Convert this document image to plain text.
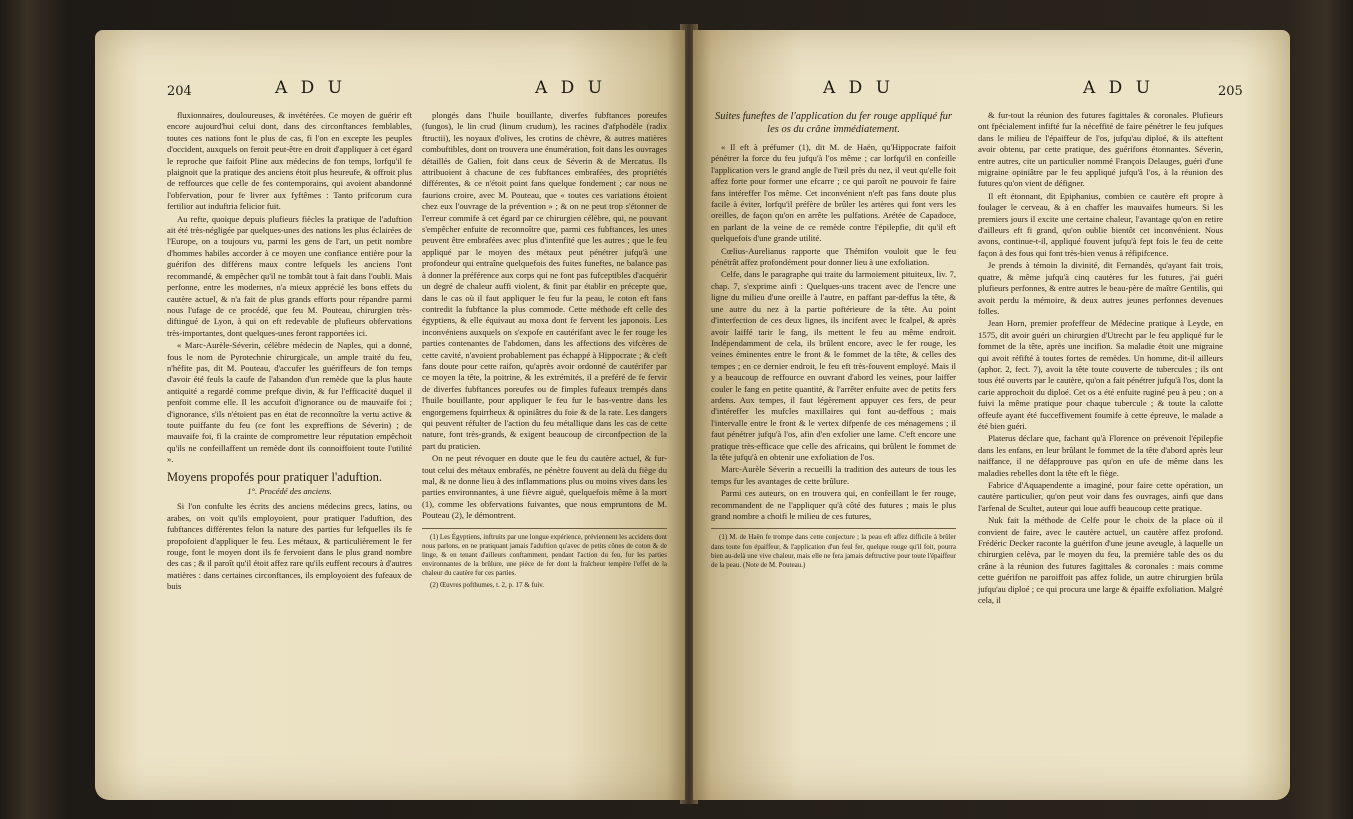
204	A D U	A D U

fluxionnaires, douloureuses, & invétérées. Ce moyen de guérir eft encore aujourd'hui celui dont, dans des circonftances femblables, toutes ces nations font le plus de cas, fi l'on en excepte les peuples d'occident, auxquels on feroit peut-être en droit d'appliquer à cet égard le reproche que faifoit Pline aux médecins de fon temps, lorfqu'il fe plaignoit que la pratique des anciens étoit plus heureufe, & offroit plus de reffources que celle de fes contemporains, qui avoient abandonné l'obfervation, pour fe livrer aux fyftêmes : Tanto prifcorum cura fertilior aut induftria felicior fuit.

Au refte, quoique depuis plufieurs fiècles la pratique de l'aduftion ait été très-négligée par quelques-unes des nations les plus éclairées de l'Europe, on a toujours vu, parmi les gens de l'art, un petit nombre d'hommes habiles accorder à ce moyen une confiance entière pour la guérifon des différens maux contre lefquels les anciens l'ont recommandé, & empêcher qu'il ne tombât tout à fait dans l'oubli. Mais perfonne, entre les modernes, n'a mieux apprécié les bons effets du cautère actuel, & n'a fait de plus grands efforts pour répandre parmi nous l'ufage de ce procédé, que feu M. Pouteau, chirurgien très-diftingué de Lyon, à qui on eft redevable de plufieurs obfervations très-importantes, dont quelques-unes feront rapportées ici.

« Marc-Aurèle-Séverin, célèbre médecin de Naples, qui a donné, fous le nom de Pyrotechnie chirurgicale, un ample traité du feu, n'héfite pas, dit M. Pouteau, d'accufer les guériffeurs de fon temps d'avoir été feuls la caufe de l'abandon d'un remède que la plus haute antiquité a regardé comme prefque divin, & fur l'efficacité duquel il penfoit comme elle. Il les accufoit d'ignorance ou de mauvaife foi ; d'ignorance, s'ils n'étoient pas en état de reconnoître la vertu active & toute puiffante du feu (ce font les expreffions de Séverin) ; de mauvaife foi, fi la crainte de compromettre leur réputation empêchoit qu'ils ne confeillaffent un remède dont ils connoiffoient toute l'utilité ».

Moyens propofés pour pratiquer l'aduftion.
1°. Procédé des anciens.

Si l'on confulte les écrits des anciens médecins grecs, latins, ou arabes, on voit qu'ils employoient, pour pratiquer l'aduftion, des fubftances différentes felon la nature des parties fur lefquelles ils fe propofoient d'appliquer le feu. Les métaux, & particulièrement le fer rouge, font le moyen dont ils fe fervoient dans le plus grand nombre des cas ; & il paroît qu'il étoit affez rare qu'ils euffent recours à d'autres matières : dans certaines circonftances, ils employoient des fufeaux de buis

plongés dans l'huile bouillante, diverfes fubftances poreufes (fungos), le lin crud (linum crudum), les racines d'afphodèle (radix ftructii), les noyaux d'olives, les crotins de chèvre, & autres matières combuftibles, dont on trouvera une énumération, foit dans les ouvrages détaillés de Galien, foit dans ceux de Séverin & de Mercatus. Ils attribuoient à chacune de ces fubftances embrafées, des propriétés différentes, & ce n'étoit point fans quelque fondement ; car nous ne faurions croire, avec M. Pouteau, que « toutes ces variations étoient chez eux l'ouvrage de la prévention » ; & on ne peut trop s'étonner de l'erreur commife à cet égard par ce chirurgien célèbre, qui, ne pouvant s'empêcher enfuite de reconnoître que, parmi ces fubftances, les unes peuvent être embrafées avec plus d'intenfité que les autres ; que le feu appliqué par le moyen des métaux peut pénétrer jufqu'à une profondeur qui entraîne quelquefois des fuites funeftes, ne balance pas à donner la préférence aux corps qui ne font pas fufceptibles d'acquérir un degré de chaleur auffi violent, & finit par établir en précepte que, dans le cas où il faut appliquer le feu fur la peau, le coton eft fans contredit la fubftance la plus commode. Cette méthode eft celle des égyptiens, & elle équivaut au moxa dont fe fervent les japonois. Les inconvéniens auxquels on s'expofe en cautérifant avec le fer rouge les parties contenantes de l'abdomen, dans les affections des vifcères de cette cavité, n'avoient probablement pas échappé à Hippocrate ; & c'eft fans doute pour cette raifon, qu'après avoir ordonné de cautérifer par ce moyen la tête, la poitrine, & les extrémités, il a preféré de fe fervir de diverfes fubftances poreufes ou de fimples fufeaux trempés dans l'huile bouillante, pour appliquer le feu fur le bas-ventre dans les engorgemens fquirrheux & opiniâtres du foie & de la rate. Les dangers qui peuvent réfulter de l'action du feu métallique dans les cas de cette nature, font très-grands, & exigent beaucoup de circonfpection de la part du praticien.

On ne peut révoquer en doute que le feu du cautère actuel, & fur-tout celui des métaux embrafés, ne pénètre fouvent au delà du fiège du mal, & ne donne lieu à des inflammations plus ou moins vives dans les parties environnantes, à une fièvre aiguë, quelquefois même à la mort (1), comme les obfervations fuivantes, que nous empruntons de M. Pouteau (2), le démontrent.

(1) Les Égyptiens, inftruits par une longue expérience, préviennent les accidens dont nous parlons, en ne pratiquant jamais l'aduftion qu'avec de petits cônes de coton & de linge, & en tenant d'ailleurs conftamment, pendant l'action du feu, fur les parties environnantes de la brûlure, une pièce de fer dont la fraîcheur tempère l'effet de la chaleur du cautère fur ces parties.

(2) Œuvres pofthumes, t. 2, p. 17 & fuiv.

A D U	A D U	205
Suites funeftes de l'application du fer rouge appliqué fur les os du crâne immédiatement.

« Il eft à préfumer (1), dit M. de Haën, qu'Hippocrate faifoit pénétrer la force du feu jufqu'à l'os même ; car lorfqu'il en confeille l'application vers le grand angle de l'œil près du nez, il veut qu'elle foit affez forte pour former une efcarre ; ce qui paroît ne pouvoir fe faire fans intéreffer l'os même. Cet inconvénient n'eft pas fans doute plus facile à éviter, lorfqu'il préfère de brûler les artères qui font vers les oreilles, de façon qu'on en arrête les pulfations. Arétée de Capadoce, en parlant de la veine de ce remède contre l'épilepfie, dit qu'il eft quelquefois d'une grande utilité.

Cœlius-Aurelianus rapporte que Thémifon vouloit que le feu pénétrât affez profondément pour donner lieu à une exfoliation.

Celfe, dans le paragraphe qui traite du larmoiement pituiteux, liv. 7, chap. 7, s'exprime ainfi : Quelques-uns tracent avec de l'encre une ligne du milieu d'une oreille à l'autre, en paffant par-deffus la tête, & une autre du nez à la partie poftérieure de la tête. Au point d'interfection de ces deux lignes, ils incifent avec le fcalpel, & après avoir laiffé tarir le fang, ils mettent le feu au même endroit. Indépendamment de cela, ils brûlent encore, avec le fer rouge, les veines éminentes entre le front & le fommet de la tête, & celles des tempes ; en ce dernier endroit, le feu eft très-fouvent employé. Mais il y a beaucoup de reffource en ouvrant d'abord les veines, pour laiffer couler le fang en petite quantité, & l'arrêter enfuite avec de petits fers ardens. Aux tempes, il faut légèrement appuyer ces fers, de peur d'intéreffer les mufcles maxillaires qui font au-deffous ; mais l'intervalle entre le front & le vertex difpenfe de ces ménagemens ; il faut pénétrer jufqu'à l'os, afin d'en exfolier une lame. C'eft encore une pratique très-efficace que celle des africains, qui brûlent le fommet de la tête jufqu'à en obtenir une exfoliation de l'os.

Marc-Aurèle Séverin a recueilli la tradition des auteurs de tous les temps fur les avantages de cette brûlure.

Parmi ces auteurs, on en trouvera qui, en confeillant le fer rouge, recommandent de ne l'appliquer qu'à côté des futures ; mais le plus grand nombre a choifi le milieu de ces futures,

(1) M. de Haën fe trompe dans cette conjecture ; la peau eft affez difficile à brûler dans toute fon épaiffeur, & l'application d'un feul fer, quelque rouge qu'il foit, pourra bien au-delà une vive chaleur, mais elle ne fera jamais deftructive pour toute l'épaiffeur de la peau. (Note de M. Pouteau.)

& fur-tout la réunion des futures fagittales & coronales. Plufieurs ont fpécialement infifté fur la néceffité de faire pénétrer le feu jufques dans le milieu de l'épaiffeur de l'os, jufqu'au diploé, & ils atteftent avoir obtenu, par cette pratique, des guérifons étonnantes. Séverin, entre autres, cite un particulier nommé François Delauges, guéri d'une migraine opiniâtre par le feu appliqué jufqu'à l'os, à la réunion des futures qu'on vient de défigner.

Il eft étonnant, dit Epiphanius, combien ce cautère eft propre à foulager le cerveau, & à en chaffer les mauvaifes humeurs. Si les premiers jours il excite une certaine chaleur, l'avantage qu'on en retire d'ailleurs eft fi grand, qu'on oublie bientôt cet inconvénient. Nous avons, continue-t-il, appliqué fouvent jufqu'à fept fois le feu de cette façon à des fous qui font très-bien venus à réfipifcence.

Je prends à témoin la divinité, dit Fernandès, qu'ayant fait trois, quatre, & même jufqu'à cinq cautères fur les futures, j'ai guéri plufieurs perfonnes, & entre autres le beau-père de maître Gentilis, qui avoit perdu la mémoire, & deux autres jeunes perfonnes devenues folles.

Jean Horn, premier profeffeur de Médecine pratique à Leyde, en 1575, dit avoir guéri un chirurgien d'Utrecht par le feu appliqué fur le fommet de la tête, après une incifion. Sa maladie étoit une migraine qui avoit réfifté à toutes fortes de remèdes. Un homme, dit-il ailleurs (aphor. 2, fect. 7), avoit la tête toute couverte de tubercules ; ils ont tous été ouverts par le cautère, qu'on a fait pénétrer jufqu'à l'os, dont la carie approchoit du diploé. Cet os a été enfuite ruginé peu à peu ; on a fuivi la même pratique pour chaque tubercule ; & toute la calotte offeufe ayant été fucceffivement foumife à cette épreuve, le malade a été bien guéri.

Platerus déclare que, fachant qu'à Florence on prévenoit l'épilepfie dans les enfans, en leur brûlant le fommet de la tête d'abord après leur naiffance, il ne défapprouve pas qu'on en ufe de même dans les maladies rebelles dont la tête eft le fiège.

Fabrice d'Aquapendente a imaginé, pour faire cette opération, un cautère particulier, qu'on peut voir dans fes ouvrages, ainfi que dans l'arfenal de Scultet, auteur qui loue auffi beaucoup cette pratique.

Nuk fait la méthode de Celfe pour le choix de la place où il convient de faire, avec le cautère actuel, un cautère affez profond. Frédéric Decker raconte la guérifon d'une jeune aveugle, à laquelle un chirurgien celèva, par le moyen du feu, la première table des os du crâne à la réunion des futures fagittales & coronales : mais comme cette guérifon ne paroiffoit pas affez folide, un autre chirurgien brûla jufqu'au diploé ; ce qui procura une large & épaiffe exfoliation. Malgré cela, il
